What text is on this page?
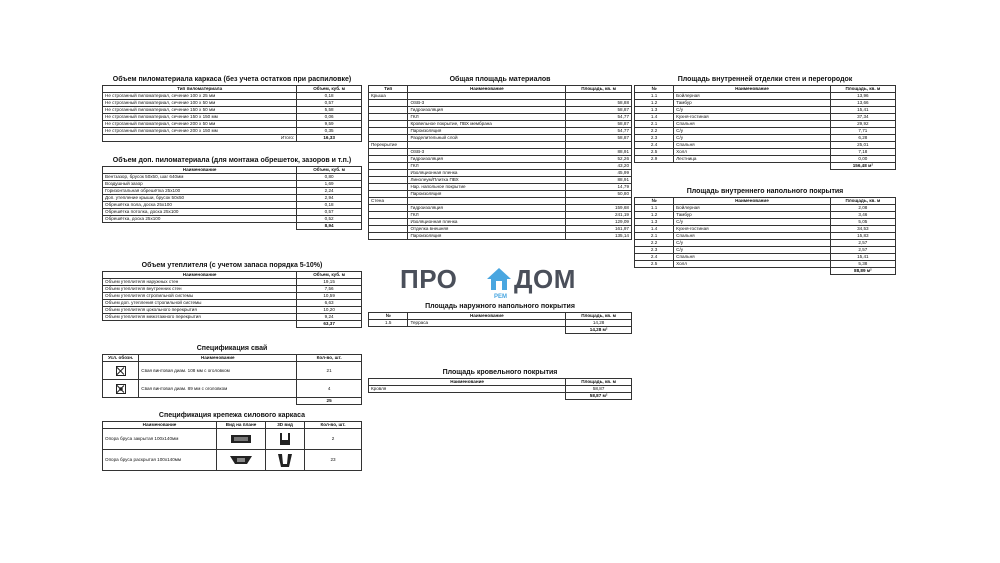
Объем пиломатериала каркаса (без учета остатков при распиловке)
Тип пиломатериала	Объем, куб. м
Не строганный пиломатериал, сечение 100 х 25 мм	0,18
Не строганный пиломатериал, сечение 100 х 50 мм	0,57
Не строганный пиломатериал, сечение 150 х 50 мм	5,58
Не строганный пиломатериал, сечение 150 х 150 мм	0,06
Не строганный пиломатериал, сечение 200 х 50 мм	9,59
Не строганный пиломатериал, сечение 200 х 150 мм	0,35
Итого:	16,33
Объем доп. пиломатериала (для монтажа обрешеток, зазоров и т.п.)
Наименование	Объем, куб. м
Вентзазор, брусок 50х50, шаг 640мм	0,80
Воздушный зазор	1,69
Горизонтальная обрешётка 25х100	2,24
Доп. утепление крыши, брусок 50х50	2,94
Обрешётка пола, доска 25х100	0,18
Обрешётка потолка, доска 25х100	0,57
Обрешётка, доска 25х100	0,52
	8,94
Объем утеплителя (с учетом запаса порядка 5-10%)
Наименование	Объем, куб. м
Объем утеплителя наружных стен	19,15
Объем утеплителя внутренних стен	7,56
Объем утеплителя стропильной системы	10,59
Объем доп. утепления стропильной системы	6,63
Объем утеплителя цокольного перекрытия	10,20
Объем утеплителя межэтажного перекрытия	9,24
	63,37
Спецификация свай
Усл. обозн.	Наименование	Кол-во, шт.
	Свая винтовая диам. 108 мм с оголовком	21
	Свая винтовая диам. 89 мм с оголовком	4
		25
Спецификация крепежа силового каркаса
Наименование	Вид на плане	3D вид	Кол-во, шт.
Опора бруса закрытая 100х140мм			2
Опора бруса раскрытая 100х140мм			23
Общая площадь материалов
Тип	Наименование	Площадь, кв. м
Крыша		
	OSB-3	58,88
	Гидроизоляция	58,87
	ГКЛ	54,77
	Кровельное покрытие, ПВХ мембрана	58,87
	Пароизоляция	54,77
	Разделительный слой	58,87
Перекрытие		
	OSB-3	88,91
	Гидроизоляция	52,26
	ГКЛ	43,20
	Изоляционная пленка	45,99
	Линолеум/Плитка ПВХ	88,91
	Нар. напольное покрытие	14,79
	Пароизоляция	50,80
Стена		
	Гидроизоляция	159,68
	ГКЛ	241,19
	Изоляционная пленка	129,09
	Отделка внешняя	161,97
	Пароизоляция	135,14
ПРО
РЕМ
ДОМ
Площадь наружного напольного покрытия
№	Наименование	Площадь, кв. м
1.5	Терраса	14,28
		14,28 м²
Площадь кровельного покрытия
Наименование	Площадь, кв. м
Кровля	58,87
	58,87 м²
Площадь внутренней отделки стен и перегородок
№	Наименование	Площадь, кв. м
1.1	Бойлерная	13,96
1.2	Тамбур	13,66
1.3	С/у	15,41
1.4	Кухня-гостиная	37,34
2.1	Спальня	29,92
2.2	С/у	7,71
2.3	С/у	6,28
2.4	Спальня	25,01
2.5	Холл	7,18
2.9	Лестница	0,00
		156,48 м²
Площадь внутреннего напольного покрытия
№	Наименование	Площадь, кв. м
1.1	Бойлерная	2,08
1.2	Тамбур	3,46
1.3	С/у	5,05
1.4	Кухня-гостиная	34,53
2.1	Спальня	15,83
2.2	С/у	2,57
2.3	С/у	2,57
2.4	Спальня	15,41
2.5	Холл	5,38
		88,89 м²
